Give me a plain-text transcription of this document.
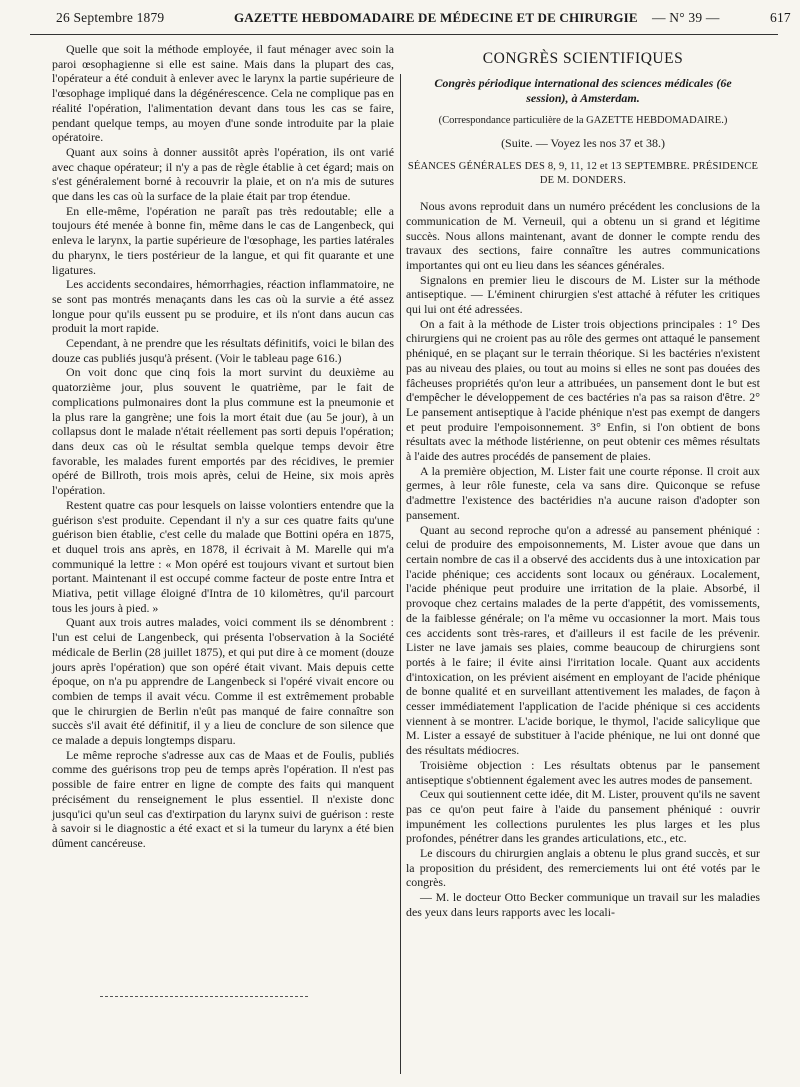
26 Septembre 1879	GAZETTE HEBDOMADAIRE DE MÉDECINE ET DE CHIRURGIE — N° 39 —	617

Quelle que soit la méthode employée, il faut ménager avec soin la paroi œsophagienne si elle est saine. Mais dans la plupart des cas, l'opérateur a été conduit à enlever avec le larynx la partie supérieure de l'œsophage impliqué dans la dégénérescence. Cela ne complique pas en réalité l'opération, l'alimentation devant dans tous les cas se faire, pendant quelque temps, au moyen d'une sonde introduite par la plaie opératoire.

Quant aux soins à donner aussitôt après l'opération, ils ont varié avec chaque opérateur; il n'y a pas de règle établie à cet égard; mais on s'est généralement borné à recouvrir la plaie, et on n'a mis de sutures que dans les cas où la surface de la plaie était par trop étendue.

En elle-même, l'opération ne paraît pas très redoutable; elle a toujours été menée à bonne fin, même dans le cas de Langenbeck, qui enleva le larynx, la partie supérieure de l'œsophage, les parties latérales du pharynx, le tiers postérieur de la langue, et qui fit quarante et une ligatures.

Les accidents secondaires, hémorrhagies, réaction inflammatoire, ne se sont pas montrés menaçants dans les cas où la survie a été assez longue pour qu'ils eussent pu se produire, et ils n'ont dans aucun cas produit la mort rapide.

Cependant, à ne prendre que les résultats définitifs, voici le bilan des douze cas publiés jusqu'à présent. (Voir le tableau page 616.)

On voit donc que cinq fois la mort survint du deuxième au quatorzième jour, plus souvent le quatrième, par le fait de complications pulmonaires dont la plus commune est la pneumonie et la plus rare la gangrène; une fois la mort était due (au 5e jour), à un collapsus dont le malade n'était réellement pas sorti depuis l'opération; dans deux cas où le résultat sembla quelque temps devoir être favorable, les malades furent emportés par des récidives, le premier opéré de Billroth, trois mois après, celui de Heine, six mois après l'opération.

Restent quatre cas pour lesquels on laisse volontiers entendre que la guérison s'est produite. Cependant il n'y a sur ces quatre faits qu'une guérison bien établie, c'est celle du malade que Bottini opéra en 1875, et duquel trois ans après, en 1878, il écrivait à M. Marelle qui m'a communiqué la lettre : « Mon opéré est toujours vivant et surtout bien portant. Maintenant il est occupé comme facteur de poste entre Intra et Miativa, petit village éloigné d'Intra de 10 kilomètres, qu'il parcourt tous les jours à pied. »

Quant aux trois autres malades, voici comment ils se dénombrent : l'un est celui de Langenbeck, qui présenta l'observation à la Société médicale de Berlin (28 juillet 1875), et qui put dire à ce moment (douze jours après l'opération) que son opéré était vivant. Mais depuis cette époque, on n'a pu apprendre de Langenbeck si l'opéré vivait encore ou combien de temps il avait vécu. Comme il est extrêmement probable que le chirurgien de Berlin n'eût pas manqué de faire connaître son succès s'il avait été définitif, il y a lieu de conclure de son silence que ce malade a depuis longtemps disparu.

Le même reproche s'adresse aux cas de Maas et de Foulis, publiés comme des guérisons trop peu de temps après l'opération. Il n'est pas possible de faire entrer en ligne de compte des faits qui manquent précisément du renseignement le plus essentiel. Il n'existe donc jusqu'ici qu'un seul cas d'extirpation du larynx suivi de guérison : reste à savoir si le diagnostic a été exact et si la tumeur du larynx a été bien dûment cancéreuse.

CONGRÈS SCIENTIFIQUES
Congrès périodique international des sciences médicales (6e session), à Amsterdam.
(Correspondance particulière de la GAZETTE HEBDOMADAIRE.)
(Suite. — Voyez les nos 37 et 38.)
SÉANCES GÉNÉRALES DES 8, 9, 11, 12 et 13 SEPTEMBRE. PRÉSIDENCE DE M. DONDERS.

Nous avons reproduit dans un numéro précédent les conclusions de la communication de M. Verneuil, qui a obtenu un si grand et légitime succès. Nous allons maintenant, avant de donner le compte rendu des travaux des sections, faire connaître les autres communications importantes qui ont eu lieu dans les séances générales.

Signalons en premier lieu le discours de M. Lister sur la méthode antiseptique. — L'éminent chirurgien s'est attaché à réfuter les critiques qui lui ont été adressées.

On a fait à la méthode de Lister trois objections principales : 1° Des chirurgiens qui ne croient pas au rôle des germes ont attaqué le pansement phéniqué, en se plaçant sur le terrain théorique. Si les bactéries n'existent pas au niveau des plaies, ou tout au moins si elles ne sont pas douées des fâcheuses propriétés qu'on leur a attribuées, un pansement dont le but est d'empêcher le développement de ces bactéries n'a pas sa raison d'être. 2° Le pansement antiseptique à l'acide phénique n'est pas exempt de dangers et peut produire l'empoisonnement. 3° Enfin, si l'on obtient de bons résultats avec la méthode listérienne, on peut obtenir ces mêmes résultats à l'aide des autres procédés de pansement de plaies.

A la première objection, M. Lister fait une courte réponse. Il croit aux germes, à leur rôle funeste, cela va sans dire. Quiconque se refuse d'admettre l'existence des bactéridies n'a aucune raison d'adopter son pansement.

Quant au second reproche qu'on a adressé au pansement phéniqué : celui de produire des empoisonnements, M. Lister avoue que dans un certain nombre de cas il a observé des accidents dus à une intoxication par l'acide phénique; ces accidents sont locaux ou généraux. Localement, l'acide phénique peut produire une irritation de la plaie. Absorbé, il provoque chez certains malades de la perte d'appétit, des vomissements, de la faiblesse générale; on l'a même vu occasionner la mort. Mais tous ces accidents sont très-rares, et d'ailleurs il est facile de les prévenir. Lister ne lave jamais ses plaies, comme beaucoup de chirurgiens sont portés à le faire; il évite ainsi l'irritation locale. Quant aux accidents d'intoxication, on les prévient aisément en employant de l'acide phénique de bonne qualité et en surveillant attentivement les malades, de façon à cesser immédiatement l'application de l'acide phénique si ces accidents viennent à se montrer. L'acide borique, le thymol, l'acide salicylique que M. Lister a essayé de substituer à l'acide phénique, ne lui ont donné que des résultats médiocres.

Troisième objection : Les résultats obtenus par le pansement antiseptique s'obtiennent également avec les autres modes de pansement.

Ceux qui soutiennent cette idée, dit M. Lister, prouvent qu'ils ne savent pas ce qu'on peut faire à l'aide du pansement phéniqué : ouvrir impunément les collections purulentes les plus larges et les plus profondes, pénétrer dans les grandes articulations, etc., etc.

Le discours du chirurgien anglais a obtenu le plus grand succès, et sur la proposition du président, des remerciements lui ont été votés par le congrès.

— M. le docteur Otto Becker communique un travail sur les maladies des yeux dans leurs rapports avec les locali-
